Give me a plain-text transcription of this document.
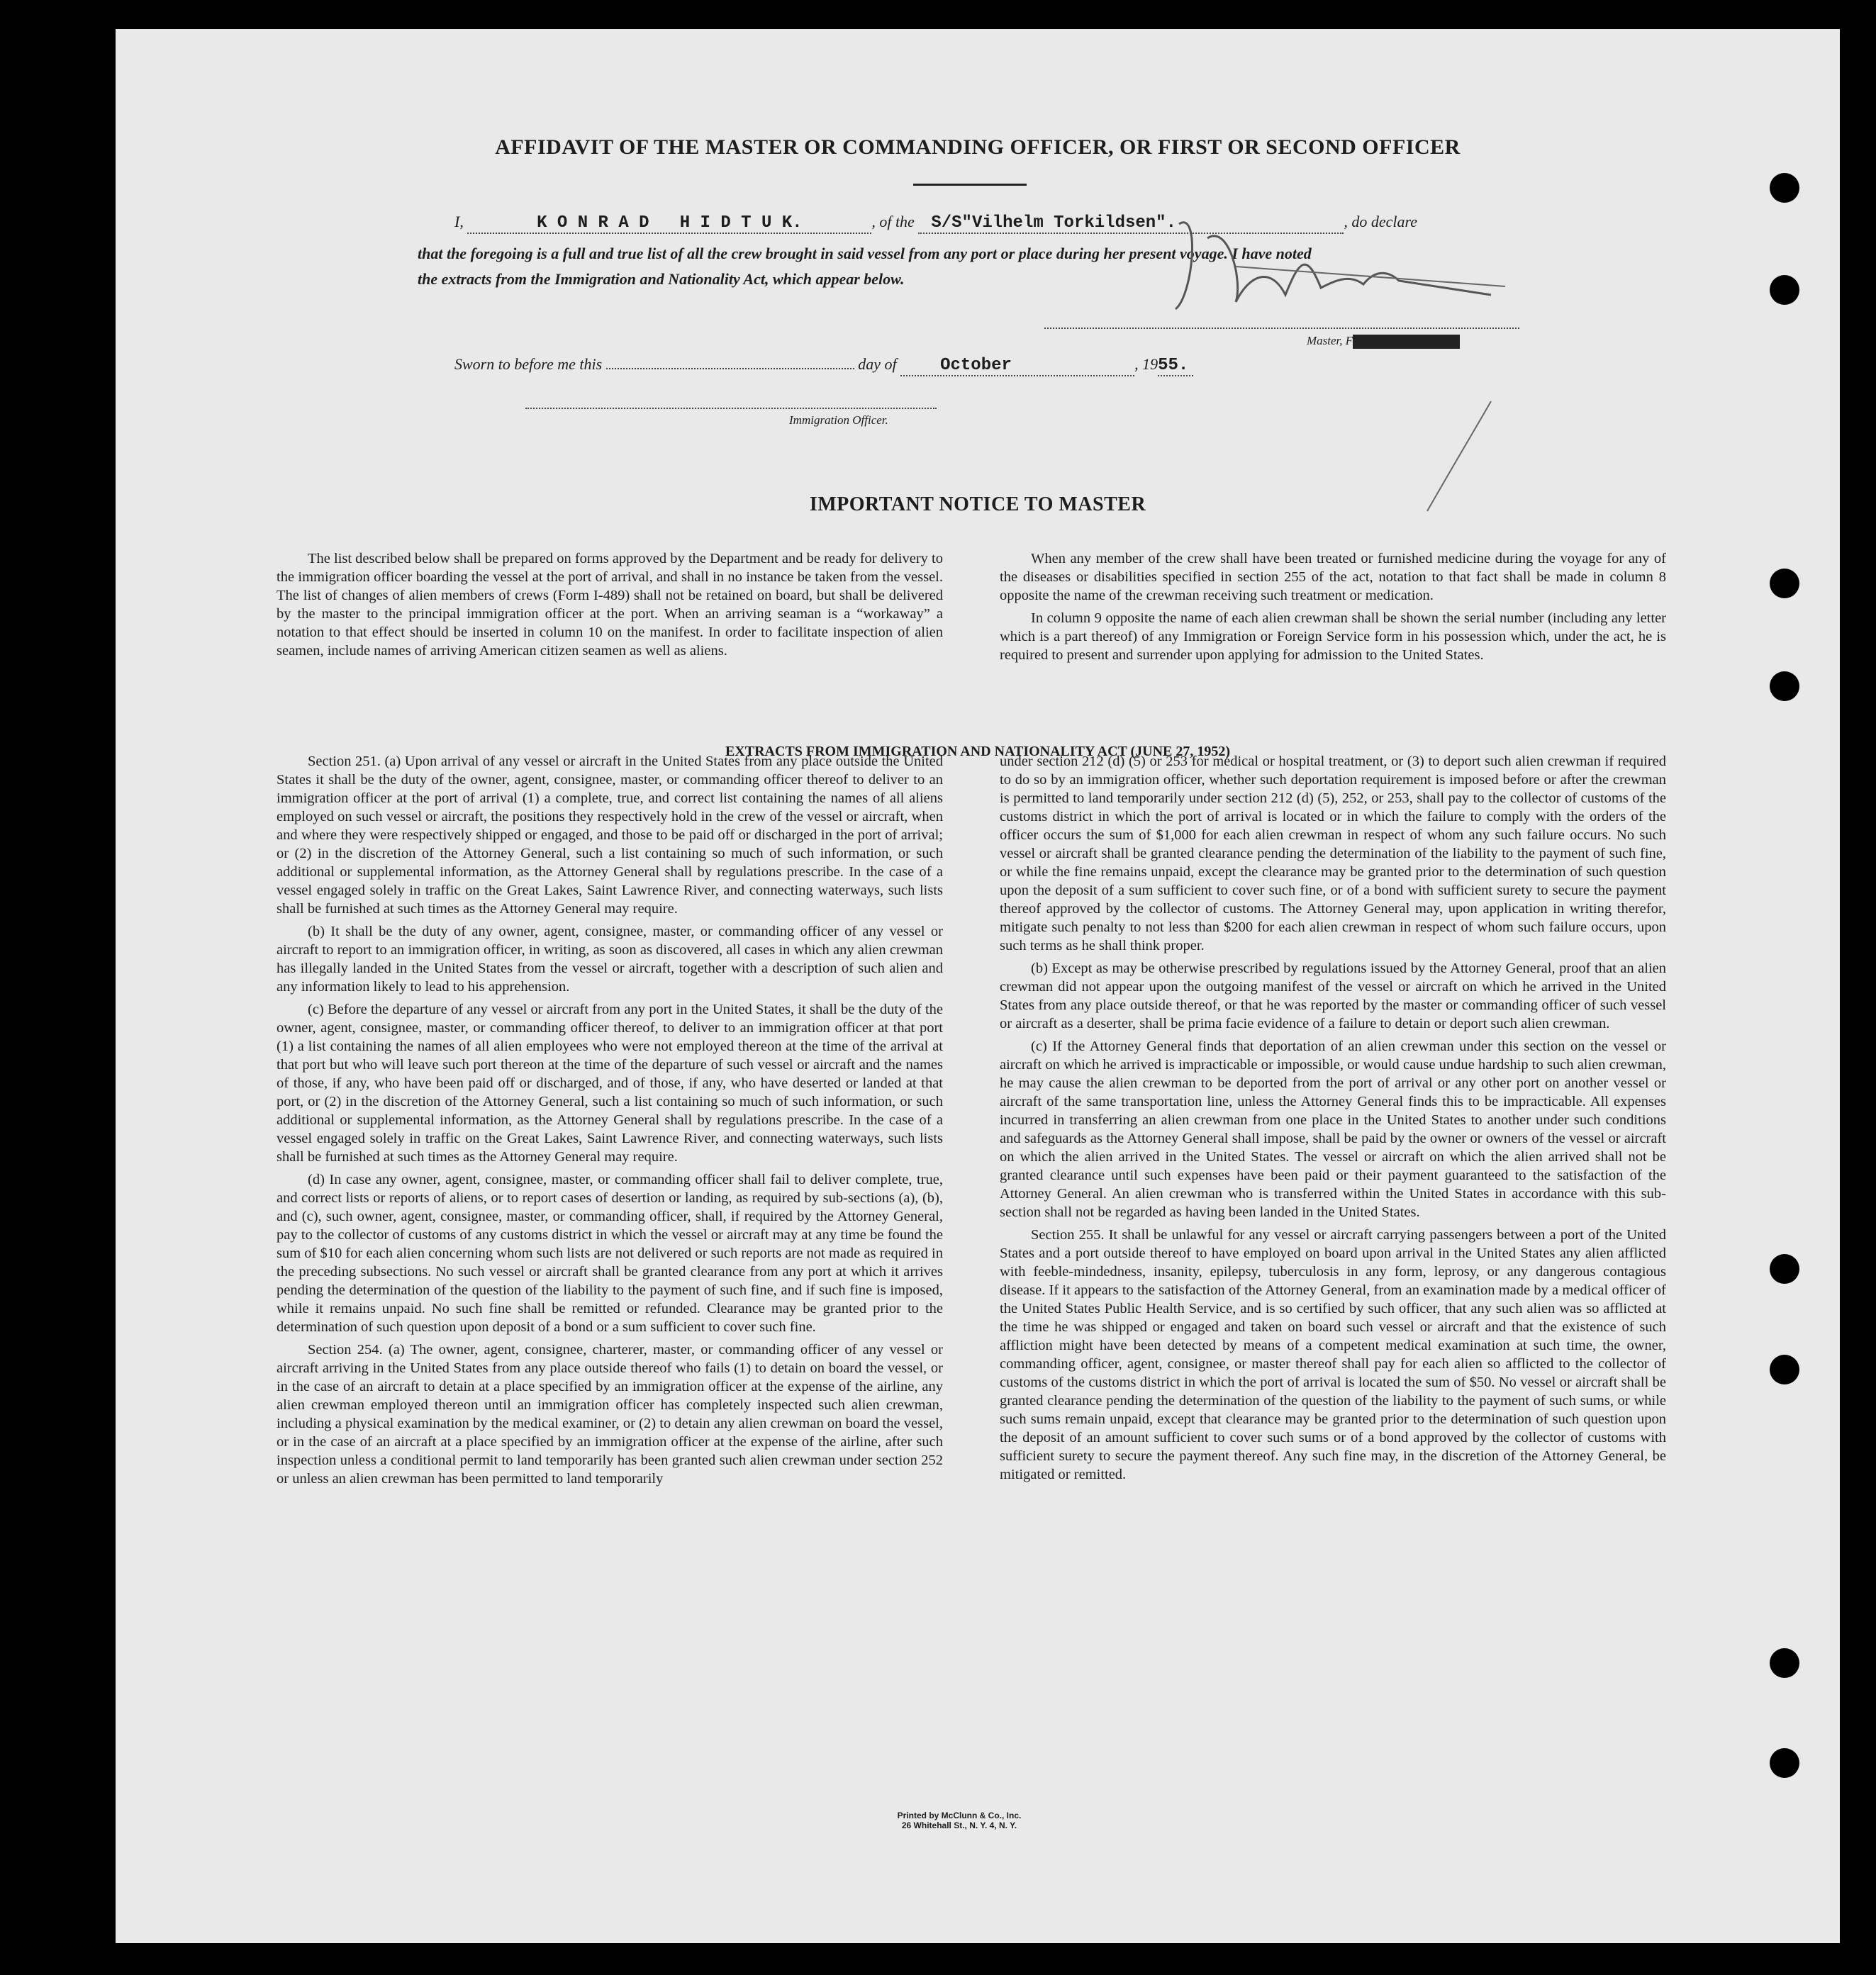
AFFIDAVIT OF THE MASTER OR COMMANDING OFFICER, OR FIRST OR SECOND OFFICER
I,	K O N R A D   H I D T U K.	, of the S/S"Vilhelm Torkildsen".	, do declare
that the foregoing is a full and true list of all the crew brought in said vessel from any port or place during her present voyage. I have noted
the extracts from the Immigration and Nationality Act, which appear below.
Master, Fxxxxxxxxxxxxxx
Sworn to before me this	day of	October	, 1955.
Immigration Officer.
IMPORTANT NOTICE TO MASTER

The list described below shall be prepared on forms approved by the Department and be ready for delivery to the immigration officer boarding the vessel at the port of arrival, and shall in no instance be taken from the vessel. The list of changes of alien members of crews (Form I-489) shall not be retained on board, but shall be delivered by the master to the principal immigration officer at the port. When an arriving seaman is a “workaway” a notation to that effect should be inserted in column 10 on the manifest. In order to facilitate inspection of alien seamen, include names of arriving American citizen seamen as well as aliens.

When any member of the crew shall have been treated or furnished medicine during the voyage for any of the diseases or disabilities specified in section 255 of the act, notation to that fact shall be made in column 8 opposite the name of the crewman receiving such treatment or medication.

In column 9 opposite the name of each alien crewman shall be shown the serial number (including any letter which is a part thereof) of any Immigration or Foreign Service form in his possession which, under the act, he is required to present and surrender upon applying for admission to the United States.

EXTRACTS FROM IMMIGRATION AND NATIONALITY ACT (JUNE 27, 1952)

Section 251. (a) Upon arrival of any vessel or aircraft in the United States from any place outside the United States it shall be the duty of the owner, agent, consignee, master, or commanding officer thereof to deliver to an immigration officer at the port of arrival (1) a complete, true, and correct list containing the names of all aliens employed on such vessel or aircraft, the positions they respectively hold in the crew of the vessel or aircraft, when and where they were respectively shipped or engaged, and those to be paid off or discharged in the port of arrival; or (2) in the discretion of the Attorney General, such a list containing so much of such information, or such additional or supplemental information, as the Attorney General shall by regulations prescribe. In the case of a vessel engaged solely in traffic on the Great Lakes, Saint Lawrence River, and connecting waterways, such lists shall be furnished at such times as the Attorney General may require.

(b) It shall be the duty of any owner, agent, consignee, master, or commanding officer of any vessel or aircraft to report to an immigration officer, in writing, as soon as discovered, all cases in which any alien crewman has illegally landed in the United States from the vessel or aircraft, together with a description of such alien and any information likely to lead to his apprehension.

(c) Before the departure of any vessel or aircraft from any port in the United States, it shall be the duty of the owner, agent, consignee, master, or commanding officer thereof, to deliver to an immigration officer at that port (1) a list containing the names of all alien employees who were not employed thereon at the time of the arrival at that port but who will leave such port thereon at the time of the departure of such vessel or aircraft and the names of those, if any, who have been paid off or discharged, and of those, if any, who have deserted or landed at that port, or (2) in the discretion of the Attorney General, such a list containing so much of such information, or such additional or supplemental information, as the Attorney General shall by regulations prescribe. In the case of a vessel engaged solely in traffic on the Great Lakes, Saint Lawrence River, and connecting waterways, such lists shall be furnished at such times as the Attorney General may require.

(d) In case any owner, agent, consignee, master, or commanding officer shall fail to deliver complete, true, and correct lists or reports of aliens, or to report cases of desertion or landing, as required by sub-sections (a), (b), and (c), such owner, agent, consignee, master, or commanding officer, shall, if required by the Attorney General, pay to the collector of customs of any customs district in which the vessel or aircraft may at any time be found the sum of $10 for each alien concerning whom such lists are not delivered or such reports are not made as required in the preceding subsections. No such vessel or aircraft shall be granted clearance from any port at which it arrives pending the determination of the question of the liability to the payment of such fine, and if such fine is imposed, while it remains unpaid. No such fine shall be remitted or refunded. Clearance may be granted prior to the determination of such question upon deposit of a bond or a sum sufficient to cover such fine.

Section 254. (a) The owner, agent, consignee, charterer, master, or commanding officer of any vessel or aircraft arriving in the United States from any place outside thereof who fails (1) to detain on board the vessel, or in the case of an aircraft to detain at a place specified by an immigration officer at the expense of the airline, any alien crewman employed thereon until an immigration officer has completely inspected such alien crewman, including a physical examination by the medical examiner, or (2) to detain any alien crewman on board the vessel, or in the case of an aircraft at a place specified by an immigration officer at the expense of the airline, after such inspection unless a conditional permit to land temporarily has been granted such alien crewman under section 252 or unless an alien crewman has been permitted to land temporarily

under section 212 (d) (5) or 253 for medical or hospital treatment, or (3) to deport such alien crewman if required to do so by an immigration officer, whether such deportation requirement is imposed before or after the crewman is permitted to land temporarily under section 212 (d) (5), 252, or 253, shall pay to the collector of customs of the customs district in which the port of arrival is located or in which the failure to comply with the orders of the officer occurs the sum of $1,000 for each alien crewman in respect of whom any such failure occurs. No such vessel or aircraft shall be granted clearance pending the determination of the liability to the payment of such fine, or while the fine remains unpaid, except the clearance may be granted prior to the determination of such question upon the deposit of a sum sufficient to cover such fine, or of a bond with sufficient surety to secure the payment thereof approved by the collector of customs. The Attorney General may, upon application in writing therefor, mitigate such penalty to not less than $200 for each alien crewman in respect of whom such failure occurs, upon such terms as he shall think proper.

(b) Except as may be otherwise prescribed by regulations issued by the Attorney General, proof that an alien crewman did not appear upon the outgoing manifest of the vessel or aircraft on which he arrived in the United States from any place outside thereof, or that he was reported by the master or commanding officer of such vessel or aircraft as a deserter, shall be prima facie evidence of a failure to detain or deport such alien crewman.

(c) If the Attorney General finds that deportation of an alien crewman under this section on the vessel or aircraft on which he arrived is impracticable or impossible, or would cause undue hardship to such alien crewman, he may cause the alien crewman to be deported from the port of arrival or any other port on another vessel or aircraft of the same transportation line, unless the Attorney General finds this to be impracticable. All expenses incurred in transferring an alien crewman from one place in the United States to another under such conditions and safeguards as the Attorney General shall impose, shall be paid by the owner or owners of the vessel or aircraft on which the alien arrived in the United States. The vessel or aircraft on which the alien arrived shall not be granted clearance until such expenses have been paid or their payment guaranteed to the satisfaction of the Attorney General. An alien crewman who is transferred within the United States in accordance with this sub-section shall not be regarded as having been landed in the United States.

Section 255. It shall be unlawful for any vessel or aircraft carrying passengers between a port of the United States and a port outside thereof to have employed on board upon arrival in the United States any alien afflicted with feeble-mindedness, insanity, epilepsy, tuberculosis in any form, leprosy, or any dangerous contagious disease. If it appears to the satisfaction of the Attorney General, from an examination made by a medical officer of the United States Public Health Service, and is so certified by such officer, that any such alien was so afflicted at the time he was shipped or engaged and taken on board such vessel or aircraft and that the existence of such affliction might have been detected by means of a competent medical examination at such time, the owner, commanding officer, agent, consignee, or master thereof shall pay for each alien so afflicted to the collector of customs of the customs district in which the port of arrival is located the sum of $50. No vessel or aircraft shall be granted clearance pending the determination of the question of the liability to the payment of such sums, or while such sums remain unpaid, except that clearance may be granted prior to the determination of such question upon the deposit of an amount sufficient to cover such sums or of a bond approved by the collector of customs with sufficient surety to secure the payment thereof. Any such fine may, in the discretion of the Attorney General, be mitigated or remitted.

Printed by McClunn & Co., Inc.
26 Whitehall St., N. Y. 4, N. Y.
